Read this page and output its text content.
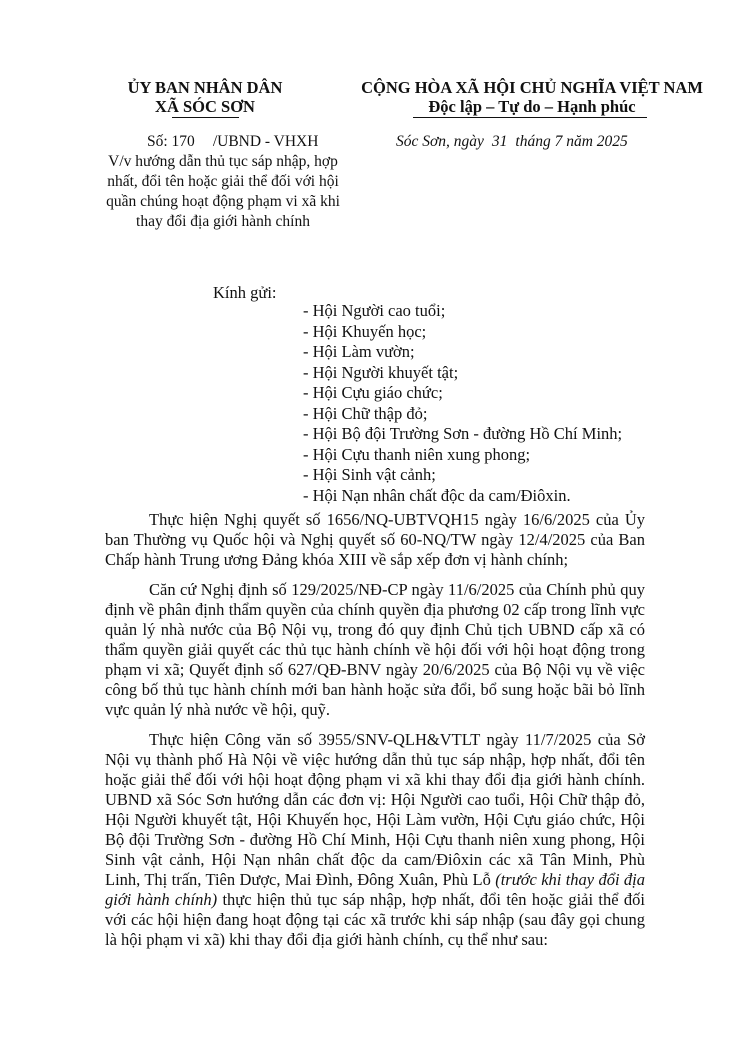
ỦY BAN NHÂN DÂN
XÃ SÓC SƠN
CỘNG HÒA XÃ HỘI CHỦ NGHĨA VIỆT NAM
Độc lập – Tự do – Hạnh phúc
Số: 170 /UBND - VHXH
V/v hướng dẫn thủ tục sáp nhập, hợp nhất, đổi tên hoặc giải thể đối với hội quần chúng hoạt động phạm vi xã khi thay đổi địa giới hành chính
Sóc Sơn, ngày 31 tháng 7 năm 2025
Kính gửi:
- Hội Người cao tuổi;
- Hội Khuyến học;
- Hội Làm vườn;
- Hội Người khuyết tật;
- Hội Cựu giáo chức;
- Hội Chữ thập đỏ;
- Hội Bộ đội Trường Sơn - đường Hồ Chí Minh;
- Hội Cựu thanh niên xung phong;
- Hội Sinh vật cảnh;
- Hội Nạn nhân chất độc da cam/Điôxin.

Thực hiện Nghị quyết số 1656/NQ-UBTVQH15 ngày 16/6/2025 của Ủy ban Thường vụ Quốc hội và Nghị quyết số 60-NQ/TW ngày 12/4/2025 của Ban Chấp hành Trung ương Đảng khóa XIII về sắp xếp đơn vị hành chính;

Căn cứ Nghị định số 129/2025/NĐ-CP ngày 11/6/2025 của Chính phủ quy định về phân định thẩm quyền của chính quyền địa phương 02 cấp trong lĩnh vực quản lý nhà nước của Bộ Nội vụ, trong đó quy định Chủ tịch UBND cấp xã có thẩm quyền giải quyết các thủ tục hành chính về hội đối với hội hoạt động trong phạm vi xã; Quyết định số 627/QĐ-BNV ngày 20/6/2025 của Bộ Nội vụ về việc công bố thủ tục hành chính mới ban hành hoặc sửa đổi, bổ sung hoặc bãi bỏ lĩnh vực quản lý nhà nước về hội, quỹ.

Thực hiện Công văn số 3955/SNV-QLH&VTLT ngày 11/7/2025 của Sở Nội vụ thành phố Hà Nội về việc hướng dẫn thủ tục sáp nhập, hợp nhất, đổi tên hoặc giải thể đối với hội hoạt động phạm vi xã khi thay đổi địa giới hành chính. UBND xã Sóc Sơn hướng dẫn các đơn vị: Hội Người cao tuổi, Hội Chữ thập đỏ, Hội Người khuyết tật, Hội Khuyến học, Hội Làm vườn, Hội Cựu giáo chức, Hội Bộ đội Trường Sơn - đường Hồ Chí Minh, Hội Cựu thanh niên xung phong, Hội Sinh vật cảnh, Hội Nạn nhân chất độc da cam/Điôxin các xã Tân Minh, Phù Linh, Thị trấn, Tiên Dược, Mai Đình, Đông Xuân, Phù Lỗ (trước khi thay đổi địa giới hành chính) thực hiện thủ tục sáp nhập, hợp nhất, đổi tên hoặc giải thể đối với các hội hiện đang hoạt động tại các xã trước khi sáp nhập (sau đây gọi chung là hội phạm vi xã) khi thay đổi địa giới hành chính, cụ thể như sau:
